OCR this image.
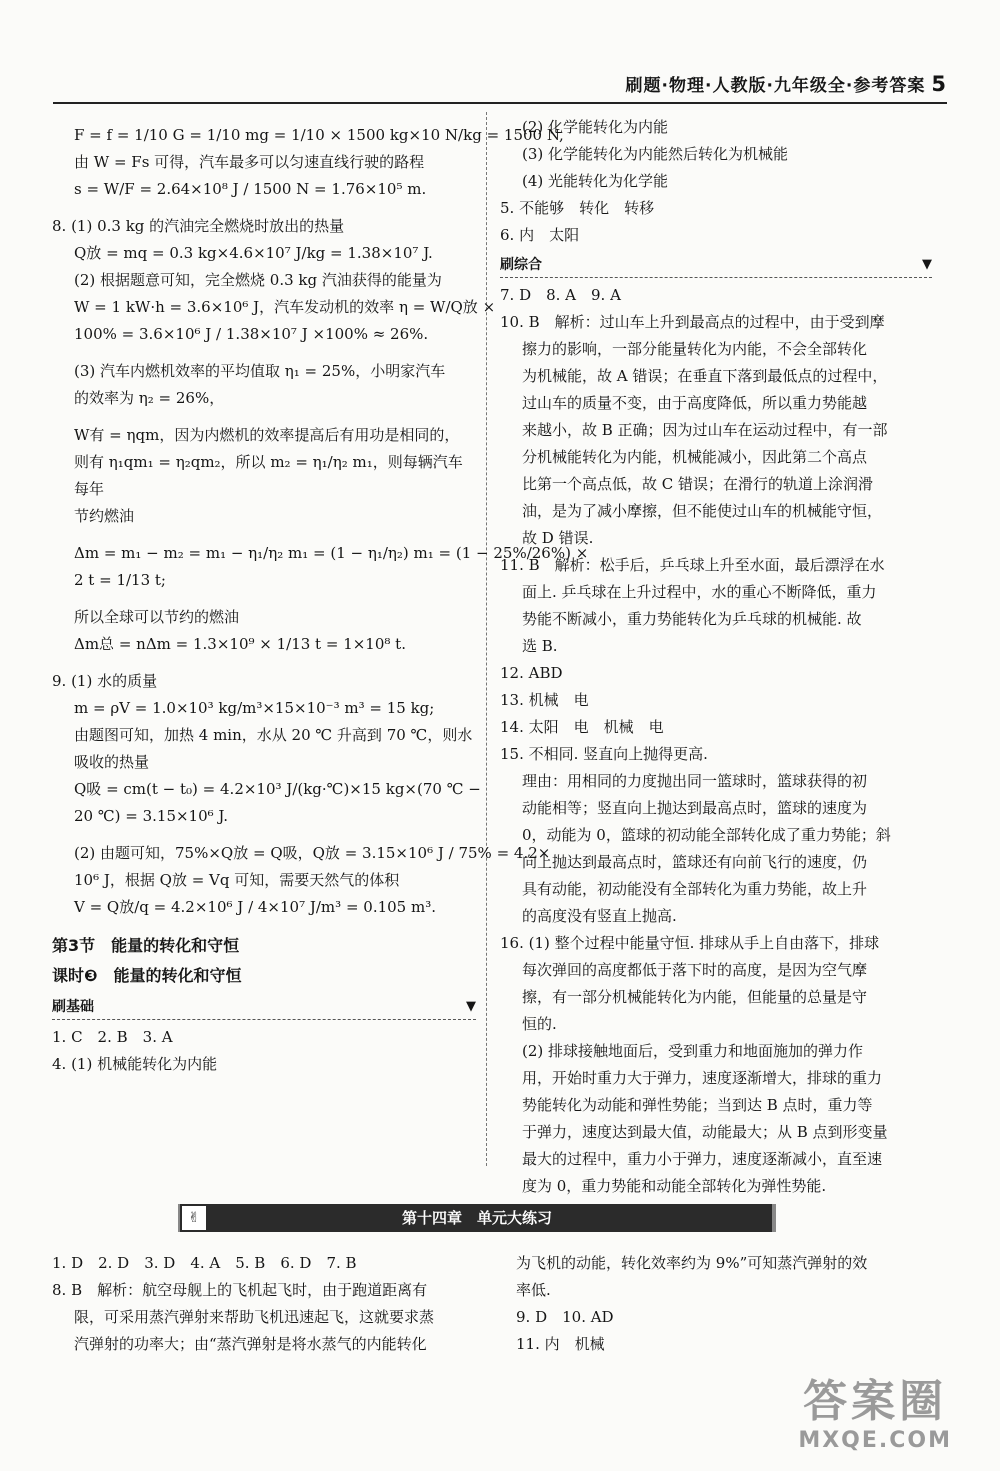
刷题·物理·人教版·九年级全·参考答案 5
F = f = 1/10 G = 1/10 mg = 1/10 × 1500 kg×10 N/kg = 1500 N,
由 W = Fs 可得，汽车最多可以匀速直线行驶的路程
s = W/F = 2.64×10⁸ J / 1500 N = 1.76×10⁵ m.
8. (1) 0.3 kg 的汽油完全燃烧时放出的热量
Q放 = mq = 0.3 kg×4.6×10⁷ J/kg = 1.38×10⁷ J.
(2) 根据题意可知，完全燃烧 0.3 kg 汽油获得的能量为
W = 1 kW·h = 3.6×10⁶ J，汽车发动机的效率 η = W/Q放 ×
100% = 3.6×10⁶ J / 1.38×10⁷ J ×100% ≈ 26%.
(3) 汽车内燃机效率的平均值取 η₁ = 25%，小明家汽车
的效率为 η₂ = 26%，
W有 = ηqm，因为内燃机的效率提高后有用功是相同的，
则有 η₁qm₁ = η₂qm₂，所以 m₂ = η₁/η₂ m₁，则每辆汽车每年
节约燃油
Δm = m₁ − m₂ = m₁ − η₁/η₂ m₁ = (1 − η₁/η₂) m₁ = (1 − 25%/26%) ×
2 t = 1/13 t;
所以全球可以节约的燃油
Δm总 = nΔm = 1.3×10⁹ × 1/13 t = 1×10⁸ t.
9. (1) 水的质量
m = ρV = 1.0×10³ kg/m³×15×10⁻³ m³ = 15 kg;
由题图可知，加热 4 min，水从 20 ℃ 升高到 70 ℃，则水
吸收的热量
Q吸 = cm(t − t₀) = 4.2×10³ J/(kg·℃)×15 kg×(70 ℃ −
20 ℃) = 3.15×10⁶ J.
(2) 由题可知，75%×Q放 = Q吸，Q放 = 3.15×10⁶ J / 75% = 4.2×
10⁶ J，根据 Q放 = Vq 可知，需要天然气的体积
V = Q放/q = 4.2×10⁶ J / 4×10⁷ J/m³ = 0.105 m³.
第3节　能量的转化和守恒
课时❸　能量的转化和守恒
刷基础	▼
1. C　2. B　3. A
4. (1) 机械能转化为内能
(2) 化学能转化为内能
(3) 化学能转化为内能然后转化为机械能
(4) 光能转化为化学能
5. 不能够　转化　转移
6. 内　太阳
刷综合	▼
7. D　8. A　9. A
10. B　解析：过山车上升到最高点的过程中，由于受到摩
擦力的影响，一部分能量转化为内能，不会全部转化
为机械能，故 A 错误；在垂直下落到最低点的过程中，
过山车的质量不变，由于高度降低，所以重力势能越
来越小，故 B 正确；因为过山车在运动过程中，有一部
分机械能转化为内能，机械能减小，因此第二个高点
比第一个高点低，故 C 错误；在滑行的轨道上涂润滑
油，是为了减小摩擦，但不能使过山车的机械能守恒，
故 D 错误.
11. B　解析：松手后，乒乓球上升至水面，最后漂浮在水
面上. 乒乓球在上升过程中，水的重心不断降低，重力
势能不断减小，重力势能转化为乒乓球的机械能. 故
选 B.
12. ABD
13. 机械　电
14. 太阳　电　机械　电
15. 不相同. 竖直向上抛得更高.
理由：用相同的力度抛出同一篮球时，篮球获得的初
动能相等；竖直向上抛达到最高点时，篮球的速度为
0，动能为 0，篮球的初动能全部转化成了重力势能；斜
向上抛达到最高点时，篮球还有向前飞行的速度，仍
具有动能，初动能没有全部转化为重力势能，故上升
的高度没有竖直上抛高.
16. (1) 整个过程中能量守恒. 排球从手上自由落下，排球
每次弹回的高度都低于落下时的高度，是因为空气摩
擦，有一部分机械能转化为内能，但能量的总量是守
恒的.
(2) 排球接触地面后，受到重力和地面施加的弹力作
用，开始时重力大于弹力，速度逐渐增大，排球的重力
势能转化为动能和弹性势能；当到达 B 点时，重力等
于弹力，速度达到最大值，动能最大；从 B 点到形变量
最大的过程中，重力小于弹力，速度逐渐减小，直至速
度为 0，重力势能和动能全部转化为弹性势能.
✌	第十四章　单元大练习
1. D　2. D　3. D　4. A　5. B　6. D　7. B
8. B　解析：航空母舰上的飞机起飞时，由于跑道距离有
限，可采用蒸汽弹射来帮助飞机迅速起飞，这就要求蒸
汽弹射的功率大；由“蒸汽弹射是将水蒸气的内能转化
为飞机的动能，转化效率约为 9%”可知蒸汽弹射的效
率低.
9. D　10. AD
11. 内　机械
答案圈
MXQE.COM
